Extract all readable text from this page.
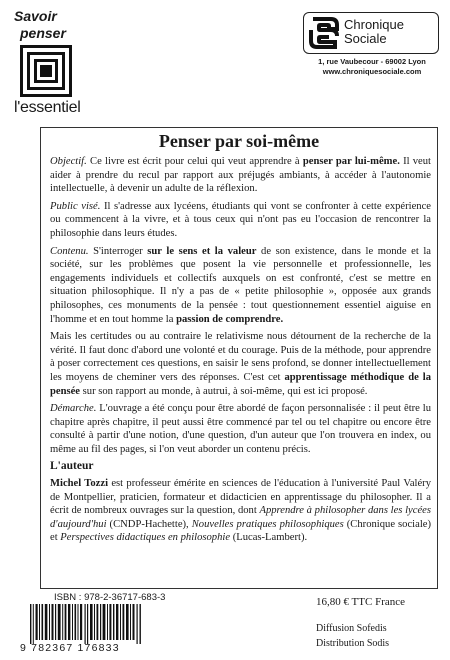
Savoir
penser
l'essentiel
Chronique
Sociale
1, rue Vaubecour - 69002 Lyon
www.chroniquesociale.com
Penser par soi-même

Objectif. Ce livre est écrit pour celui qui veut apprendre à penser par lui-même. Il veut aider à prendre du recul par rapport aux préjugés ambiants, à accéder à l'autonomie intellectuelle, à devenir un adulte de la réflexion.

Public visé. Il s'adresse aux lycéens, étudiants qui vont se confronter à cette expérience ou commencent à la vivre, et à tous ceux qui n'ont pas eu l'occasion de rencontrer la philosophie dans leurs études.

Contenu. S'interroger sur le sens et la valeur de son existence, dans le monde et la société, sur les problèmes que posent la vie personnelle et professionnelle, les engagements individuels et collectifs auxquels on est confronté, c'est se mettre en situation philosophique. Il n'y a pas de « petite philosophie », opposée aux grands philosophes, ces monuments de la pensée : tout questionnement essentiel aiguise en l'homme et en tout homme la passion de comprendre.

Mais les certitudes ou au contraire le relativisme nous détournent de la recherche de la vérité. Il faut donc d'abord une volonté et du courage. Puis de la méthode, pour apprendre à poser correctement ces questions, en saisir le sens profond, se donner intellectuellement les moyens de cheminer vers des réponses. C'est cet apprentissage méthodique de la pensée sur son rapport au monde, à autrui, à soi-même, qui est ici proposé.

Démarche. L'ouvrage a été conçu pour être abordé de façon personnalisée : il peut être lu chapitre après chapitre, il peut aussi être commencé par tel ou tel chapitre ou encore être consulté à partir d'une notion, d'une question, d'un auteur que l'on trouvera en index, ou même au fil des pages, si l'on veut aborder un contenu précis.

L'auteur

Michel Tozzi est professeur émérite en sciences de l'éducation à l'université Paul Valéry de Montpellier, praticien, formateur et didacticien en apprentissage du philosopher. Il a écrit de nombreux ouvrages sur la question, dont Apprendre à philosopher dans les lycées d'aujourd'hui (CNDP-Hachette), Nouvelles pratiques philosophiques (Chronique sociale) et Perspectives didactiques en philosophie (Lucas-Lambert).

ISBN : 978-2-36717-683-3
9 782367 176833
16,80 € TTC France
Diffusion Sofedis
Distribution Sodis
